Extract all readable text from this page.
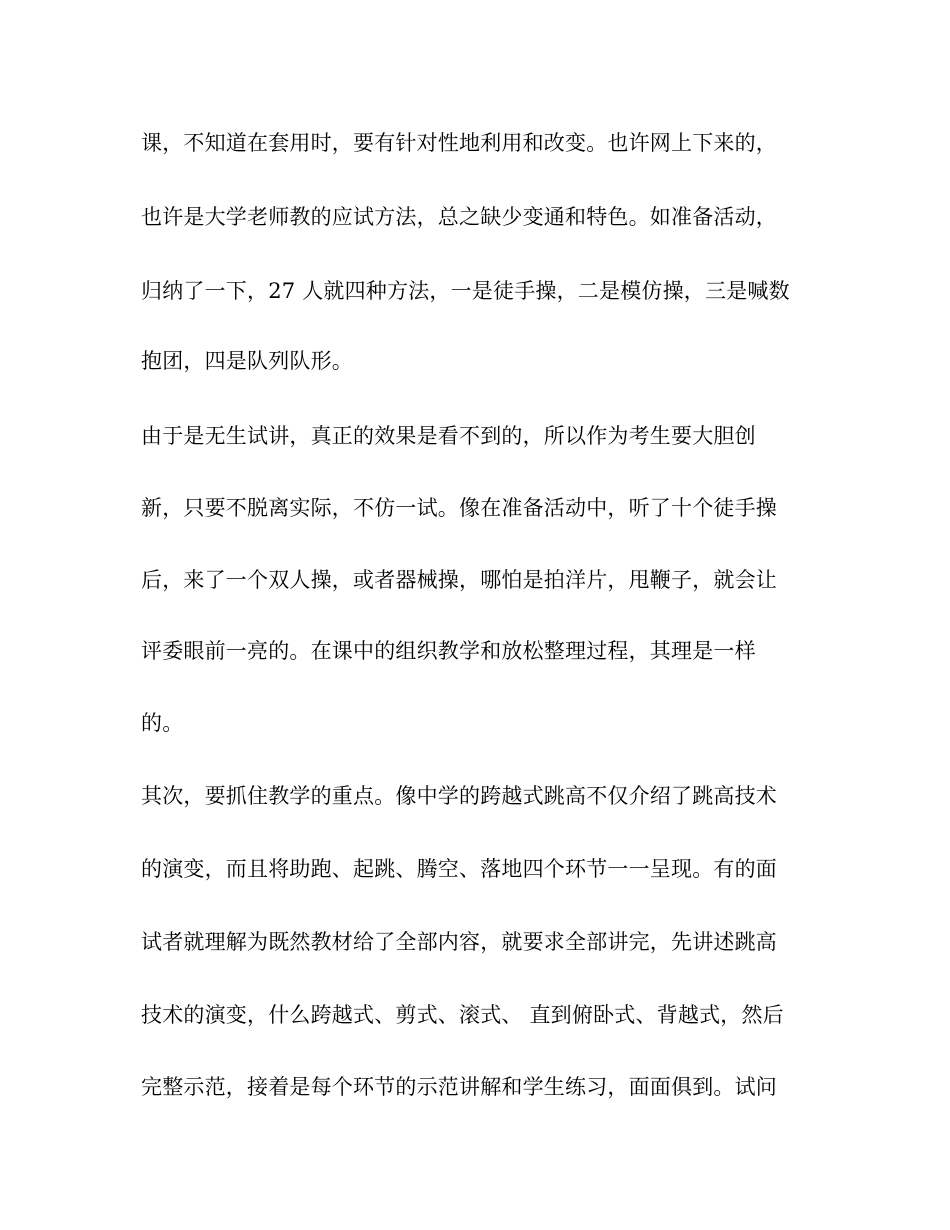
课，不知道在套用时，要有针对性地利用和改变。也许网上下来的，
也许是大学老师教的应试方法，总之缺少变通和特色。如准备活动，
归纳了一下，27 人就四种方法，一是徒手操，二是模仿操，三是喊数
抱团，四是队列队形。
由于是无生试讲，真正的效果是看不到的，所以作为考生要大胆创
新，只要不脱离实际，不仿一试。像在准备活动中，听了十个徒手操
后，来了一个双人操，或者器械操，哪怕是拍洋片，甩鞭子，就会让
评委眼前一亮的。在课中的组织教学和放松整理过程，其理是一样
的。
其次，要抓住教学的重点。像中学的跨越式跳高不仅介绍了跳高技术
的演变，而且将助跑、起跳、腾空、落地四个环节一一呈现。有的面
试者就理解为既然教材给了全部内容，就要求全部讲完，先讲述跳高
技术的演变，什么跨越式、剪式、滚式、 直到俯卧式、背越式，然后
完整示范，接着是每个环节的示范讲解和学生练习，面面俱到。试问
